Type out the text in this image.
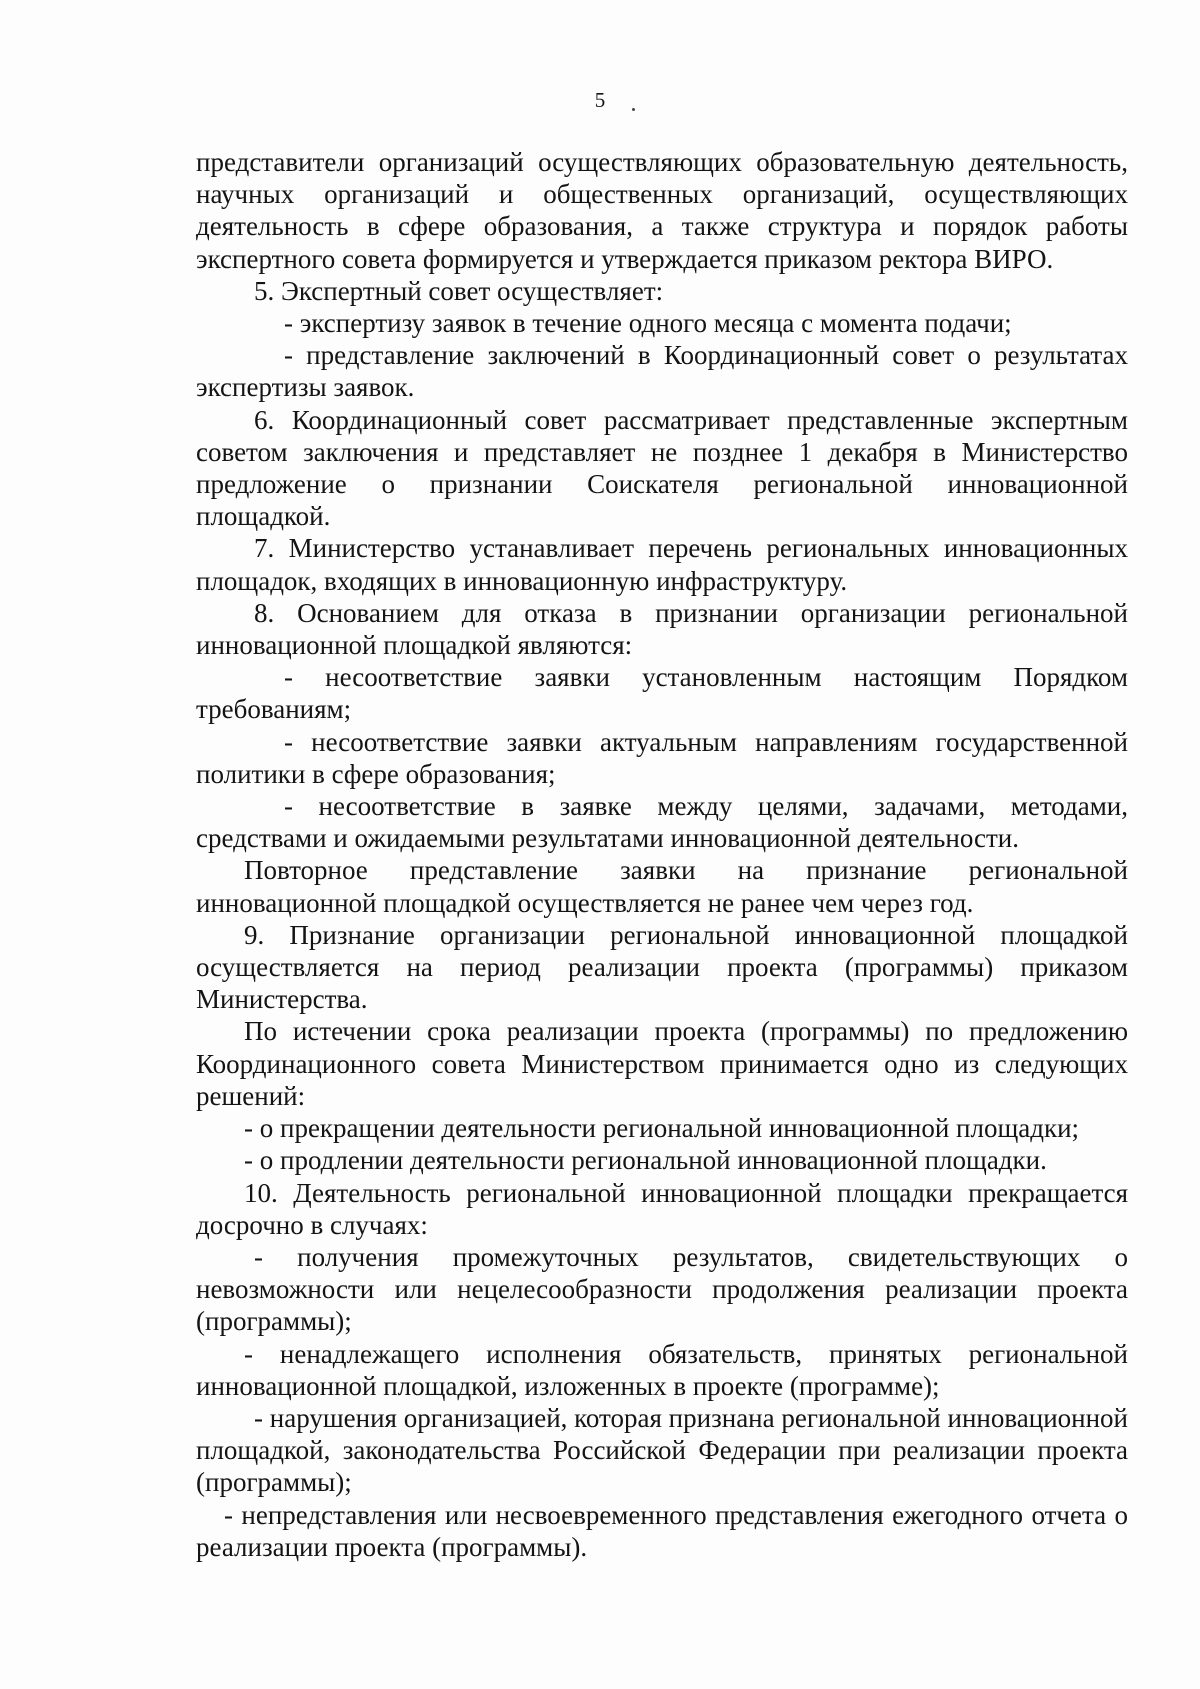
5

представители организаций осуществляющих образовательную деятельность, научных организаций и общественных организаций, осуществляющих деятельность в сфере образования, а также структура и порядок работы экспертного совета формируется и утверждается приказом ректора ВИРО.

5. Экспертный совет осуществляет:

- экспертизу заявок в течение одного месяца с момента подачи;

- представление заключений в Координационный совет о результатах экспертизы заявок.

6. Координационный совет рассматривает представленные экспертным советом заключения и представляет не позднее 1 декабря в Министерство предложение о признании Соискателя региональной инновационной площадкой.

7. Министерство устанавливает перечень региональных инновационных площадок, входящих в инновационную инфраструктуру.

8. Основанием для отказа в признании организации региональной инновационной площадкой являются:

- несоответствие заявки установленным настоящим Порядком требованиям;

- несоответствие заявки актуальным направлениям государственной политики в сфере образования;

- несоответствие в заявке между целями, задачами, методами, средствами и ожидаемыми результатами инновационной деятельности.

Повторное представление заявки на признание региональной инновационной площадкой осуществляется не ранее чем через год.

9. Признание организации региональной инновационной площадкой осуществляется на период реализации проекта (программы) приказом Министерства.

По истечении срока реализации проекта (программы) по предложению Координационного совета Министерством принимается одно из следующих решений:

- о прекращении деятельности региональной инновационной площадки;

- о продлении деятельности региональной инновационной площадки.

10. Деятельность региональной инновационной площадки прекращается досрочно в случаях:

- получения промежуточных результатов, свидетельствующих о невозможности или нецелесообразности продолжения реализации проекта (программы);

- ненадлежащего исполнения обязательств, принятых региональной инновационной площадкой, изложенных в проекте (программе);

- нарушения организацией, которая признана региональной инновационной площадкой, законодательства Российской Федерации при реализации проекта (программы);

- непредставления или несвоевременного представления ежегодного отчета о реализации проекта (программы).
